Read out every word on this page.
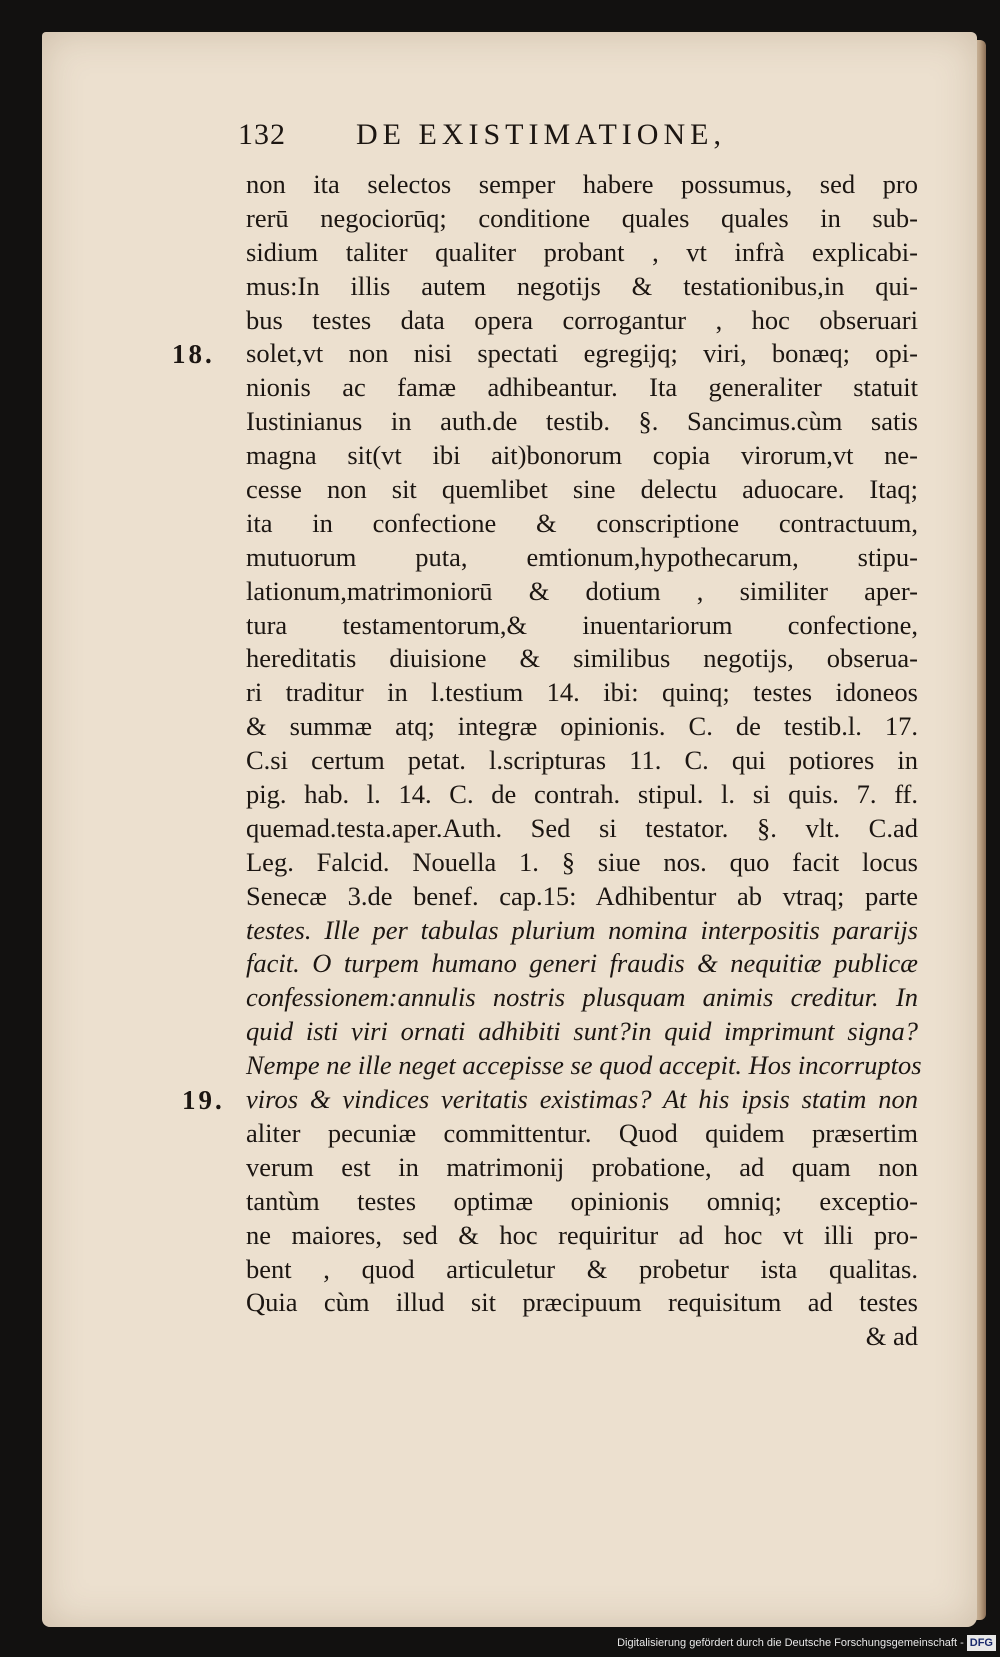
132 DE EXISTIMATIONE,
18.
19.
non ita selectos semper habere possumus, sed pro
rerū negociorūq; conditione quales quales in sub-
sidium taliter qualiter probant , vt infrà explicabi-
mus:In illis autem negotijs & testationibus,in qui-
bus testes data opera corrogantur , hoc obseruari
solet,vt non nisi spectati egregijq; viri, bonæq; opi-
nionis ac famæ adhibeantur. Ita generaliter statuit
Iustinianus in auth.de testib. §. Sancimus.cùm satis
magna sit(vt ibi ait)bonorum copia virorum,vt ne-
cesse non sit quemlibet sine delectu aduocare. Itaq;
ita in confectione & conscriptione contractuum,
mutuorum puta, emtionum,hypothecarum, stipu-
lationum,matrimoniorū & dotium , similiter aper-
tura testamentorum,& inuentariorum confectione,
hereditatis diuisione & similibus negotijs, obserua-
ri traditur in l.testium 14. ibi: quinq; testes idoneos
& summæ atq; integræ opinionis. C. de testib.l. 17.
C.si certum petat. l.scripturas 11. C. qui potiores in
pig. hab. l. 14. C. de contrah. stipul. l. si quis. 7. ff.
quemad.testa.aper.Auth. Sed si testator. §. vlt. C.ad
Leg. Falcid. Nouella 1. § siue nos. quo facit locus
Senecæ 3.de benef. cap.15: Adhibentur ab vtraq; parte
testes. Ille per tabulas plurium nomina interpositis pararijs
facit. O turpem humano generi fraudis & nequitiæ publicæ
confessionem:annulis nostris plusquam animis creditur. In
quid isti viri ornati adhibiti sunt?in quid imprimunt signa?
Nempe ne ille neget accepisse se quod accepit. Hos incorruptos
viros & vindices veritatis existimas? At his ipsis statim non
aliter pecuniæ committentur. Quod quidem præsertim
verum est in matrimonij probatione, ad quam non
tantùm testes optimæ opinionis omniq; exceptio-
ne maiores, sed & hoc requiritur ad hoc vt illi pro-
bent , quod articuletur & probetur ista qualitas.
Quia cùm illud sit præcipuum requisitum ad testes
& ad
Digitalisierung gefördert durch die Deutsche Forschungsgemeinschaft - DFG
